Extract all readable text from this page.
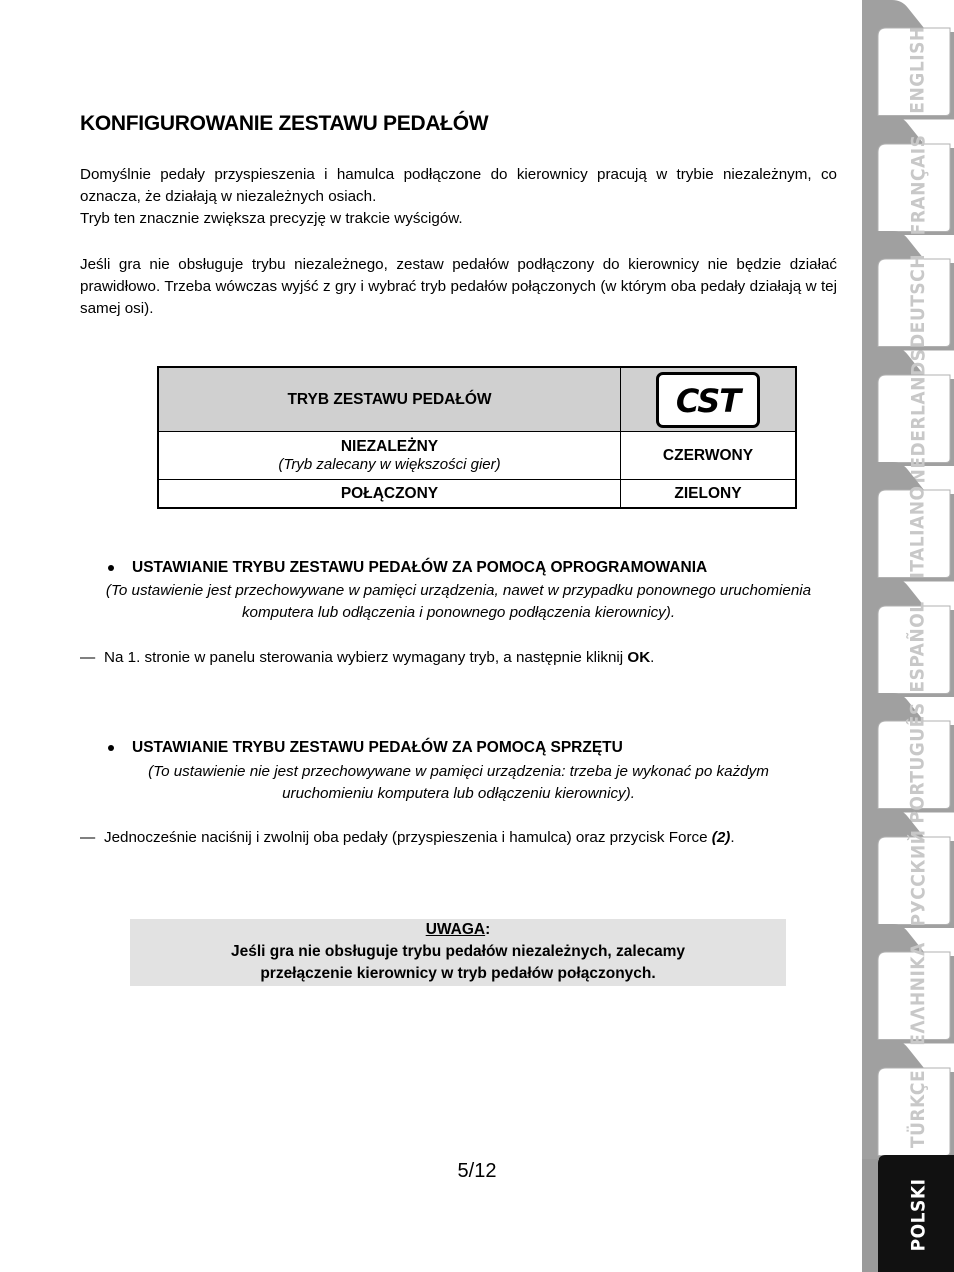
KONFIGUROWANIE ZESTAWU PEDAŁÓW
Domyślnie pedały przyspieszenia i hamulca podłączone do kierownicy pracują w trybie niezależnym, co oznacza, że działają w niezależnych osiach.
Tryb ten znacznie zwiększa precyzję w trakcie wyścigów.
Jeśli gra nie obsługuje trybu niezależnego, zestaw pedałów podłączony do kierownicy nie będzie działać prawidłowo. Trzeba wówczas wyjść z gry i wybrać tryb pedałów połączonych (w którym oba pedały działają w tej samej osi).
TRYB ZESTAWU PEDAŁÓW	CST
NIEZALEŻNY
(Tryb zalecany w większości gier)
CZERWONY
POŁĄCZONY	ZIELONY
USTAWIANIE TRYBU ZESTAWU PEDAŁÓW ZA POMOCĄ OPROGRAMOWANIA
(To ustawienie jest przechowywane w pamięci urządzenia, nawet w przypadku ponownego uruchomienia
komputera lub odłączenia i ponownego podłączenia kierownicy).
— Na 1. stronie w panelu sterowania wybierz wymagany tryb, a następnie kliknij OK.
USTAWIANIE TRYBU ZESTAWU PEDAŁÓW ZA POMOCĄ SPRZĘTU
(To ustawienie nie jest przechowywane w pamięci urządzenia: trzeba je wykonać po każdym
uruchomieniu komputera lub odłączeniu kierownicy).
— Jednocześnie naciśnij i zwolnij oba pedały (przyspieszenia i hamulca) oraz przycisk Force (2).
UWAGA:
Jeśli gra nie obsługuje trybu pedałów niezależnych, zalecamy
przełączenie kierownicy w tryb pedałów połączonych.
5/12
ENGLISH
FRANÇAIS
DEUTSCH
NEDERLANDS
ITALIANO
ESPAÑOL
PORTUGUÊS
РУССКИЙ
ΕΛΛΗΝΙΚΑ
TÜRKÇE
POLSKI
